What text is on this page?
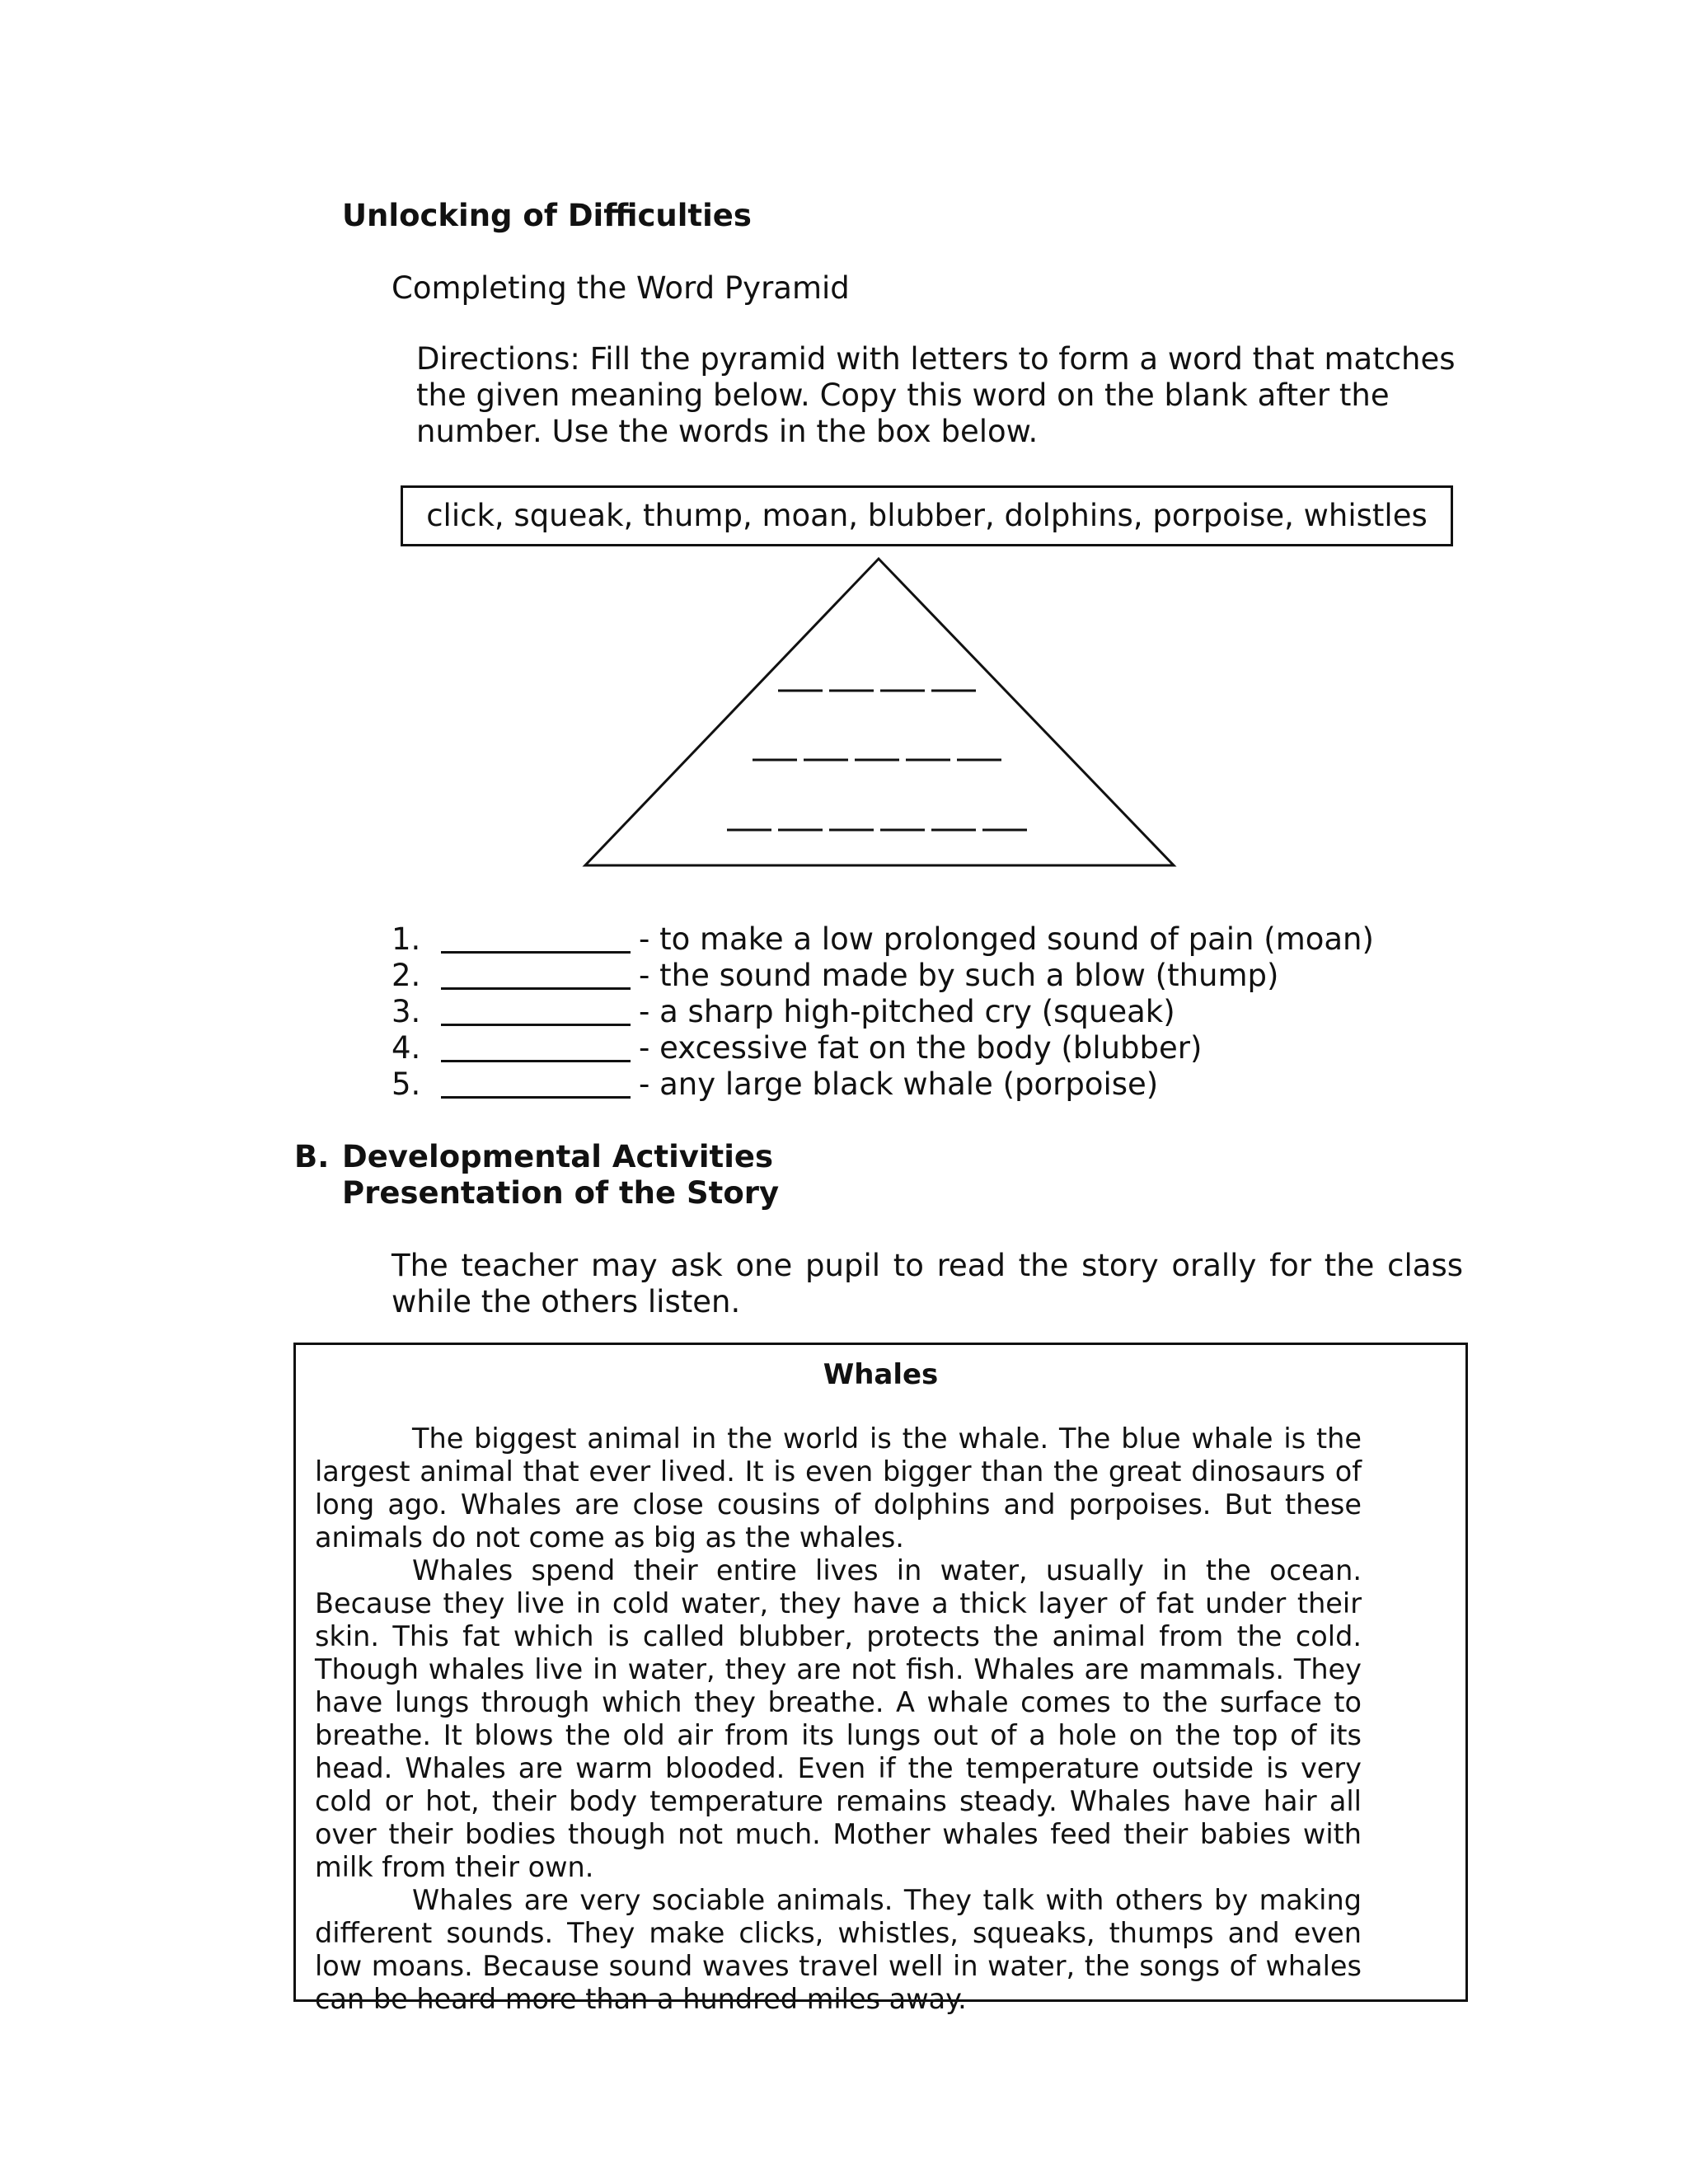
Unlocking of Difficulties
Completing the Word Pyramid
Directions: Fill the pyramid with letters to form a word that matches the given meaning below. Copy this word on the blank after the number. Use the words in the box below.
click, squeak, thump, moan, blubber, dolphins, porpoise, whistles
1.	- to make a low prolonged sound of pain (moan)
2.	- the sound made by such a blow (thump)
3.	- a sharp high-pitched cry (squeak)
4.	- excessive fat on the body (blubber)
5.	- any large black whale (porpoise)
B. Developmental Activities
Presentation of the Story
The teacher may ask one pupil to read the story orally for the class while the others listen.
Whales

The biggest animal in the world is the whale. The blue whale is the largest animal that ever lived. It is even bigger than the great dinosaurs of long ago. Whales are close cousins of dolphins and porpoises. But these animals do not come as big as the whales.

Whales spend their entire lives in water, usually in the ocean. Because they live in cold water, they have a thick layer of fat under their skin. This fat which is called blubber, protects the animal from the cold. Though whales live in water, they are not fish. Whales are mammals. They have lungs through which they breathe. A whale comes to the surface to breathe. It blows the old air from its lungs out of a hole on the top of its head. Whales are warm blooded. Even if the temperature outside is very cold or hot, their body temperature remains steady. Whales have hair all over their bodies though not much. Mother whales feed their babies with milk from their own.

Whales are very sociable animals. They talk with others by making different sounds. They make clicks, whistles, squeaks, thumps and even low moans. Because sound waves travel well in water, the songs of whales can be heard more than a hundred miles away.
